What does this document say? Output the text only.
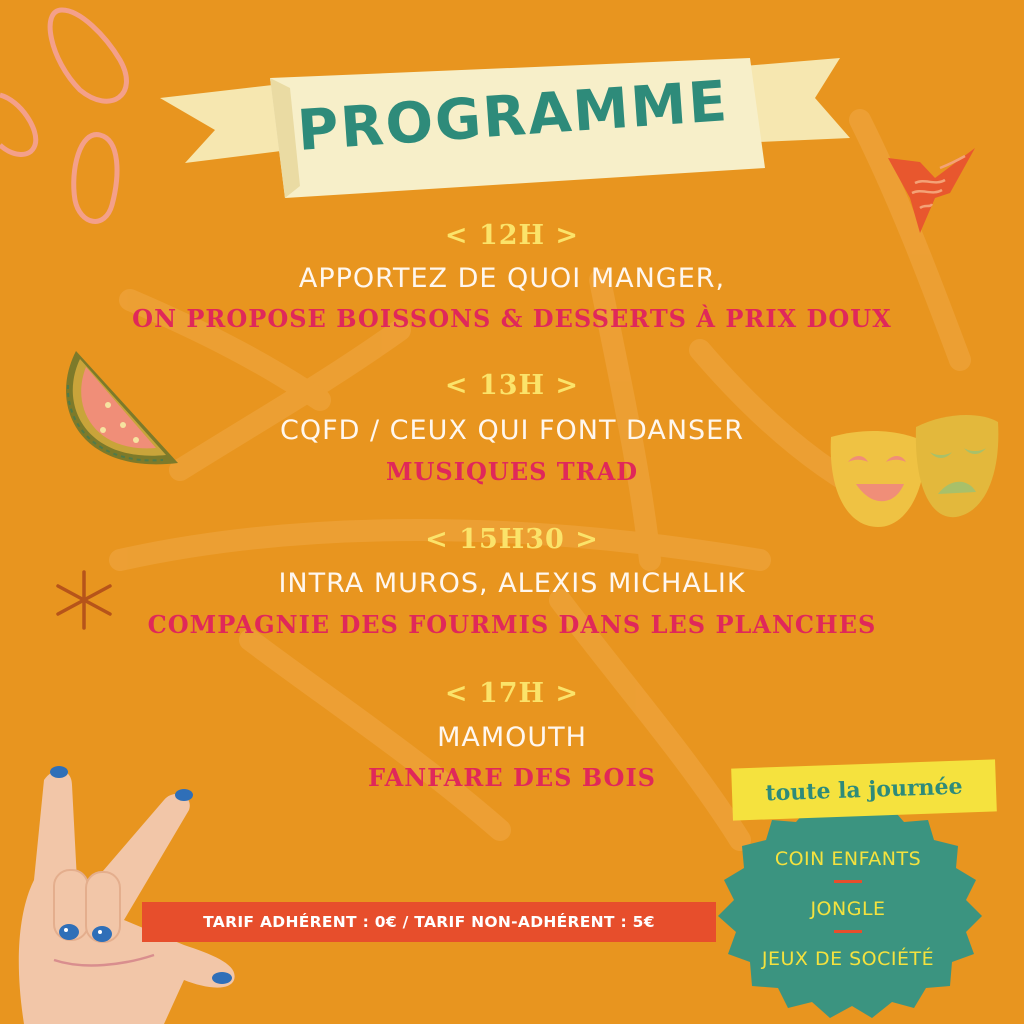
PROGRAMME
< 12H >
APPORTEZ DE QUOI MANGER,
ON PROPOSE BOISSONS & DESSERTS À PRIX DOUX
< 13H >
CQFD / CEUX QUI FONT DANSER
MUSIQUES TRAD
< 15H30 >
INTRA MUROS, ALEXIS MICHALIK
COMPAGNIE DES FOURMIS DANS LES PLANCHES
< 17H >
MAMOUTH
FANFARE DES BOIS
TARIF ADHÉRENT : 0€ / TARIF NON-ADHÉRENT : 5€
toute la journée
COIN ENFANTS
JONGLE
JEUX DE SOCIÉTÉ
